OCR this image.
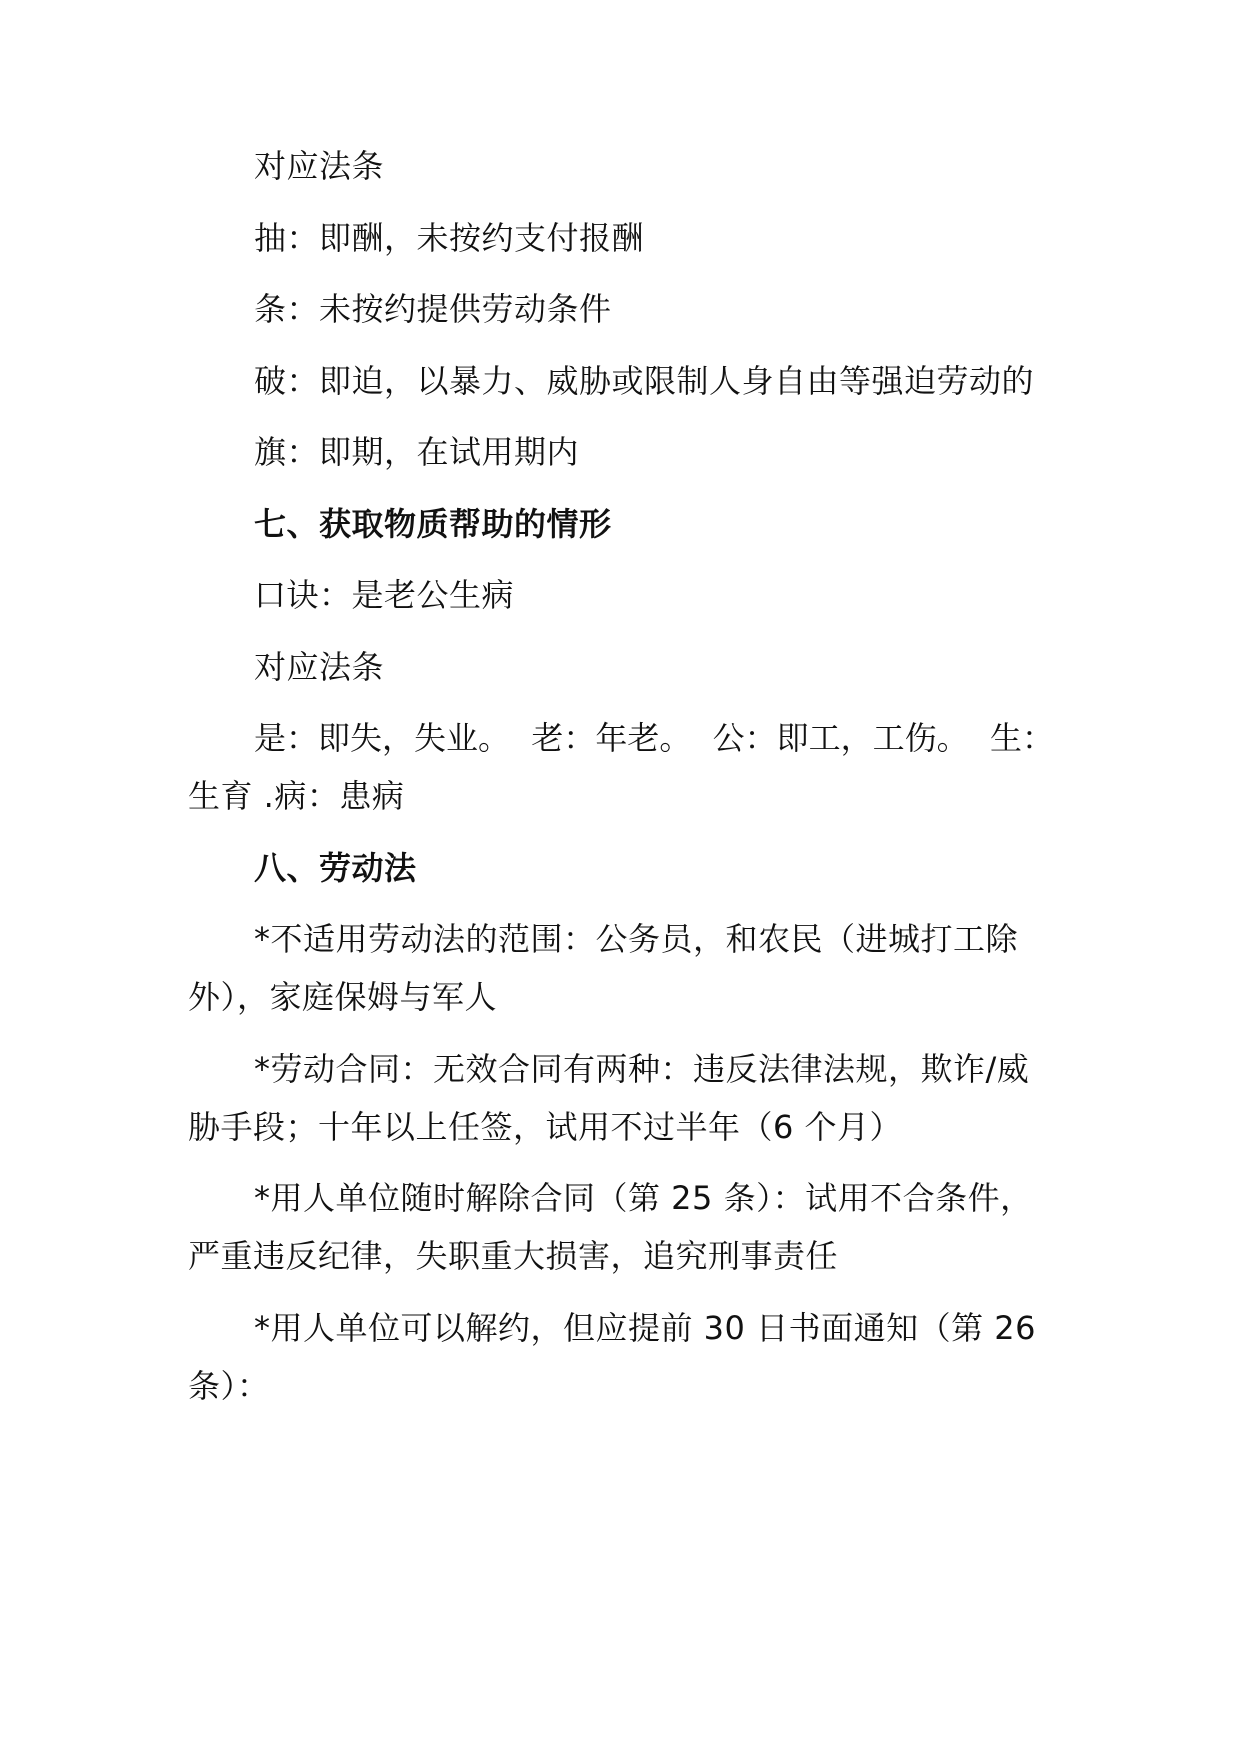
对应法条
抽：即酬，未按约支付报酬
条：未按约提供劳动条件
破：即迫，以暴力、威胁或限制人身自由等强迫劳动的
旗：即期，在试用期内
七、获取物质帮助的情形
口诀：是老公生病
对应法条
是：即失，失业。 老：年老。 公：即工，工伤。 生：
生育 .病：患病
八、劳动法
*不适用劳动法的范围：公务员，和农民（进城打工除
外），家庭保姆与军人
*劳动合同：无效合同有两种：违反法律法规，欺诈/威
胁手段；十年以上任签，试用不过半年（6 个月）
*用人单位随时解除合同（第 25 条）：试用不合条件，
严重违反纪律，失职重大损害，追究刑事责任
*用人单位可以解约，但应提前 30 日书面通知（第 26
条）：
